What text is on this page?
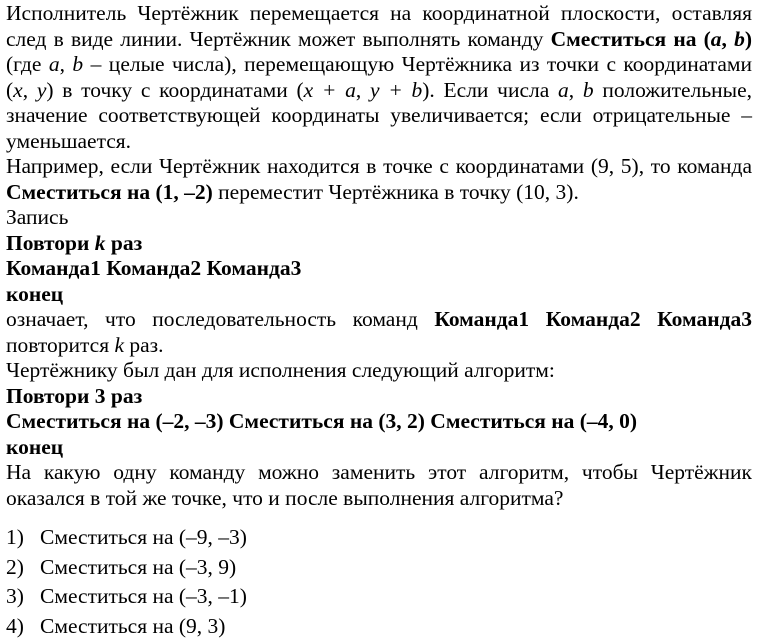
Исполнитель Чертёжник перемещается на координатной плоскости, оставляя след в виде линии. Чертёжник может выполнять команду Сместиться на (a, b) (где a, b – целые числа), перемещающую Чертёжника из точки с координатами (x, y) в точку с координатами (x + a, y + b). Если числа a, b положительные, значение соответствующей координаты увеличивается; если отрицательные – уменьшается.
Например, если Чертёжник находится в точке с координатами (9, 5), то команда Сместиться на (1, –2) переместит Чертёжника в точку (10, 3).
Запись
Повтори k раз
Команда1 Команда2 Команда3
конец
означает, что последовательность команд Команда1 Команда2 Команда3 повторится k раз.
Чертёжнику был дан для исполнения следующий алгоритм:
Повтори 3 раз
Сместиться на (–2, –3) Сместиться на (3, 2) Сместиться на (–4, 0)
конец
На какую одну команду можно заменить этот алгоритм, чтобы Чертёжник оказался в той же точке, что и после выполнения алгоритма?
1) Сместиться на (–9, –3)
2) Сместиться на (–3, 9)
3) Сместиться на (–3, –1)
4) Сместиться на (9, 3)
